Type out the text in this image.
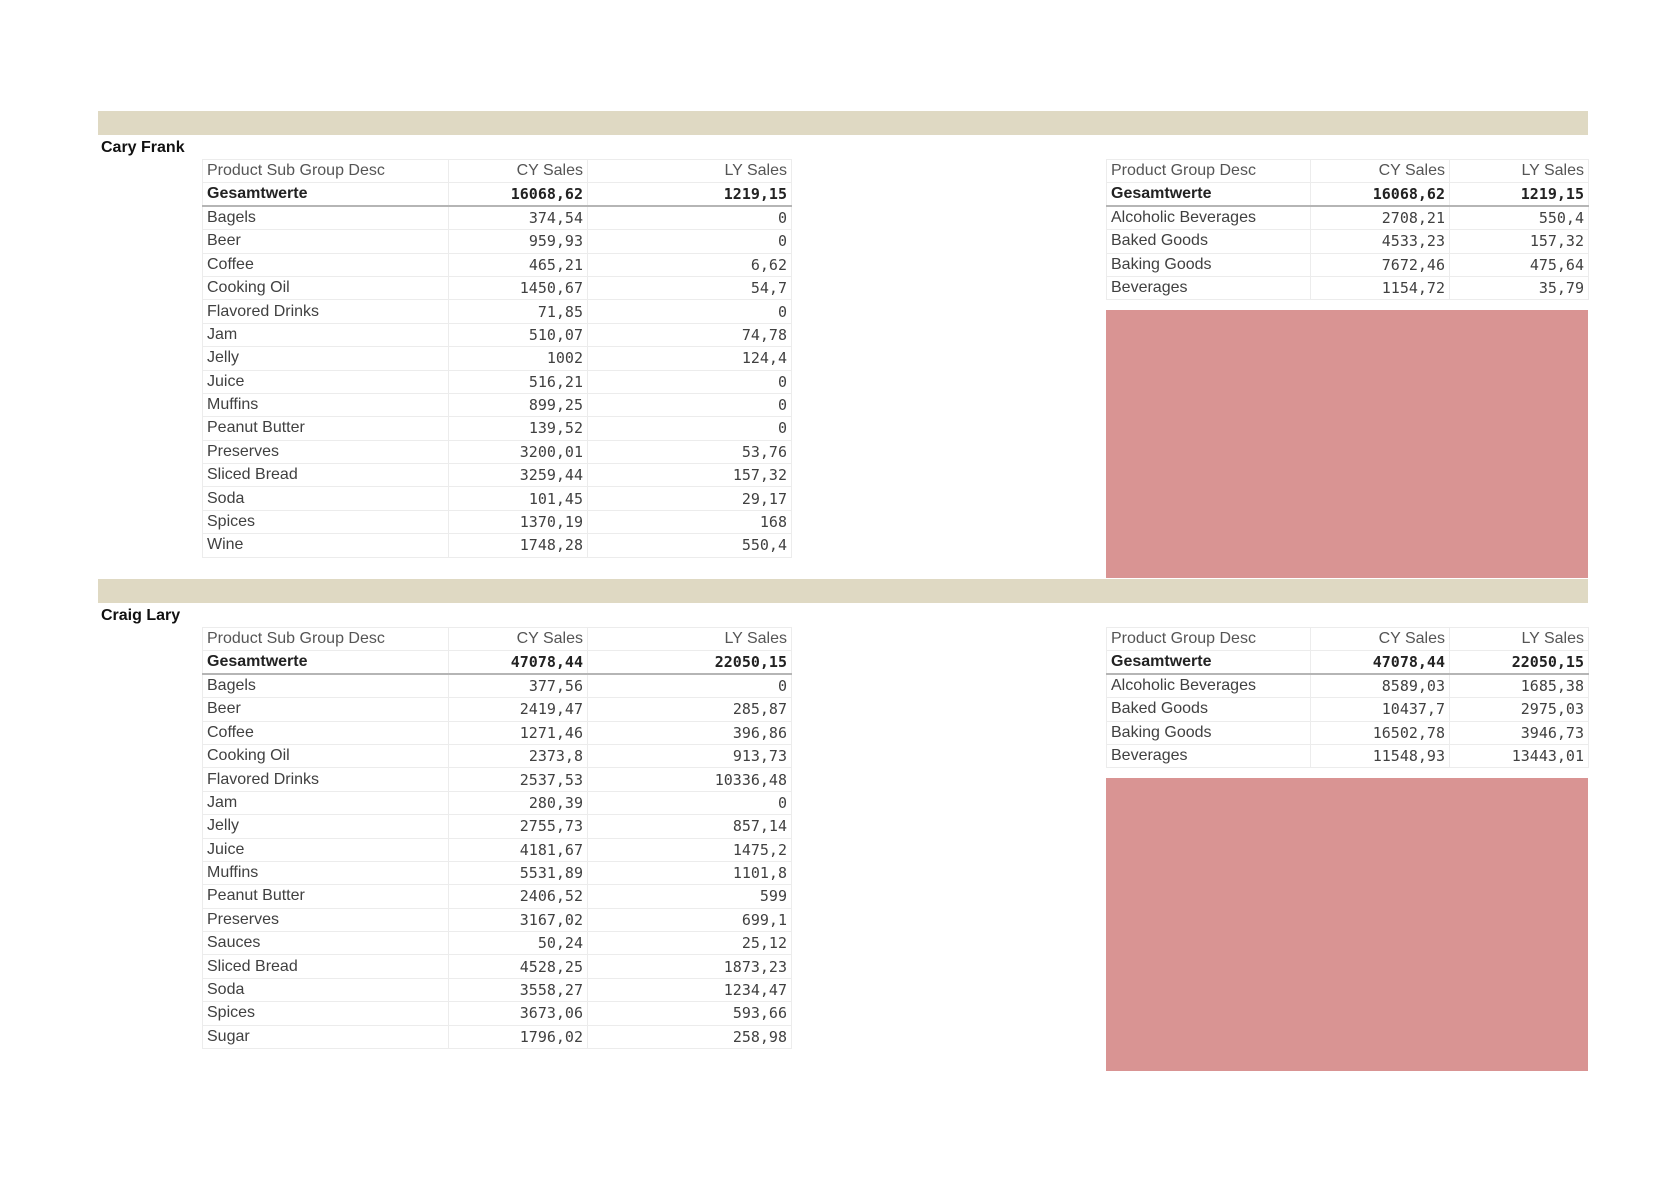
Cary Frank
Product Sub Group Desc	CY Sales	LY Sales
Gesamtwerte	16068,62	1219,15
Bagels	374,54	0
Beer	959,93	0
Coffee	465,21	6,62
Cooking Oil	1450,67	54,7
Flavored Drinks	71,85	0
Jam	510,07	74,78
Jelly	1002	124,4
Juice	516,21	0
Muffins	899,25	0
Peanut Butter	139,52	0
Preserves	3200,01	53,76
Sliced Bread	3259,44	157,32
Soda	101,45	29,17
Spices	1370,19	168
Wine	1748,28	550,4
Product Group Desc	CY Sales	LY Sales
Gesamtwerte	16068,62	1219,15
Alcoholic Beverages	2708,21	550,4
Baked Goods	4533,23	157,32
Baking Goods	7672,46	475,64
Beverages	1154,72	35,79
Craig Lary
Product Sub Group Desc	CY Sales	LY Sales
Gesamtwerte	47078,44	22050,15
Bagels	377,56	0
Beer	2419,47	285,87
Coffee	1271,46	396,86
Cooking Oil	2373,8	913,73
Flavored Drinks	2537,53	10336,48
Jam	280,39	0
Jelly	2755,73	857,14
Juice	4181,67	1475,2
Muffins	5531,89	1101,8
Peanut Butter	2406,52	599
Preserves	3167,02	699,1
Sauces	50,24	25,12
Sliced Bread	4528,25	1873,23
Soda	3558,27	1234,47
Spices	3673,06	593,66
Sugar	1796,02	258,98
Product Group Desc	CY Sales	LY Sales
Gesamtwerte	47078,44	22050,15
Alcoholic Beverages	8589,03	1685,38
Baked Goods	10437,7	2975,03
Baking Goods	16502,78	3946,73
Beverages	11548,93	13443,01
